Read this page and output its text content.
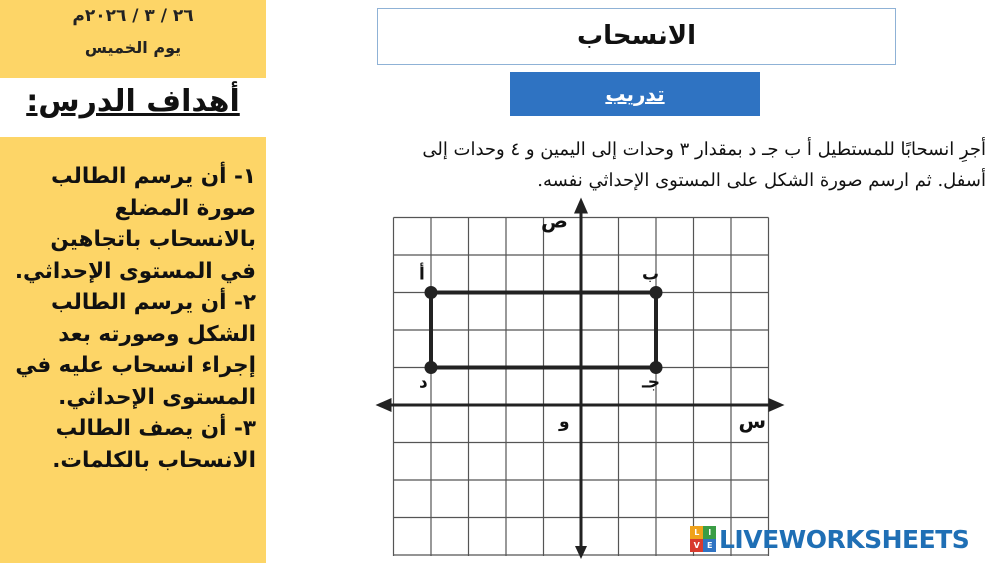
٢٦ / ٣ / ٢٠٢٦م
يوم الخميس
أهداف الدرس:

١- أن يرسم الطالب صورة المضلع بالانسحاب باتجاهين في المستوى الإحداثي.

٢- أن يرسم الطالب الشكل وصورته بعد إجراء انسحاب عليه في المستوى الإحداثي.

٣- أن يصف الطالب الانسحاب بالكلمات.

الانسحاب
تدريب
أجرِ انسحابًا للمستطيل أ ب جـ د بمقدار ٣ وحدات إلى اليمين و ٤ وحدات إلى
أسفل. ثم ارسم صورة الشكل على المستوى الإحداثي نفسه.
ص
س
و
أ	ب
جـ
د
L	I
V E LIVEWORKSHEETS
